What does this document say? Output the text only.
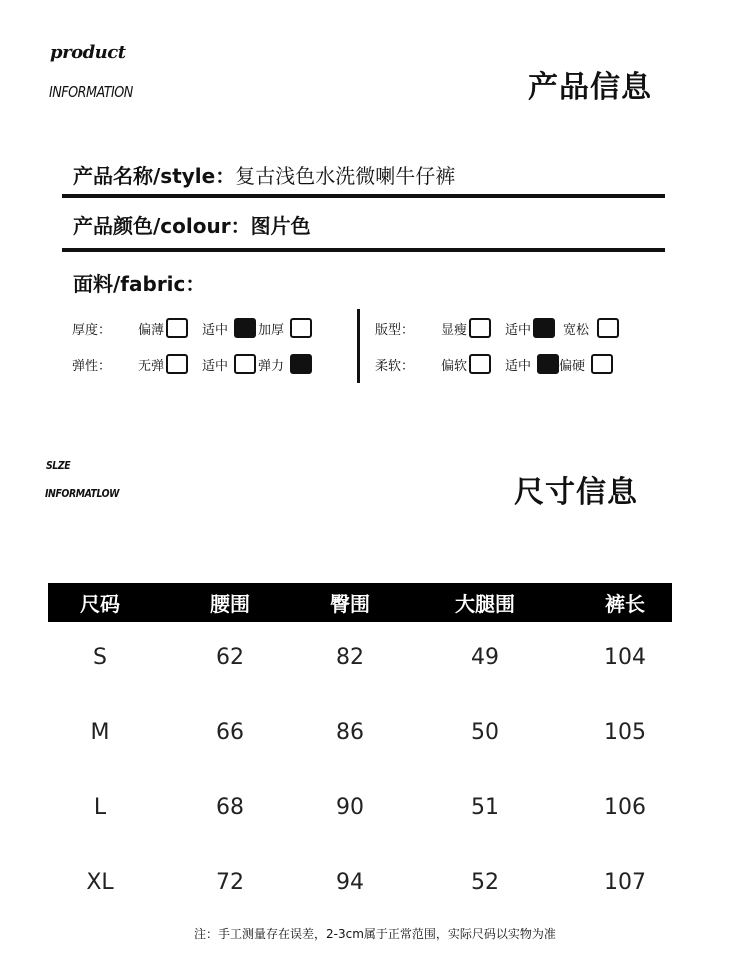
product
INFORMATION	产品信息
产品名称/style：复古浅色水洗微喇牛仔裤
产品颜色/colour：图片色
面料/fabric：
厚度：	偏薄	适中 加厚
弹性：	无弹	适中 弹力
版型：	显瘦	适中 宽松
柔软：	偏软	适中 偏硬
SLZE
INFORMATLOW	尺寸信息
尺码	腰围	臀围	大腿围	裤长
S	62	82	49	104
M	66	86	50	105
L	68	90	51	106
XL	72	94	52	107
注：手工测量存在误差，2-3cm属于正常范围，实际尺码以实物为准
